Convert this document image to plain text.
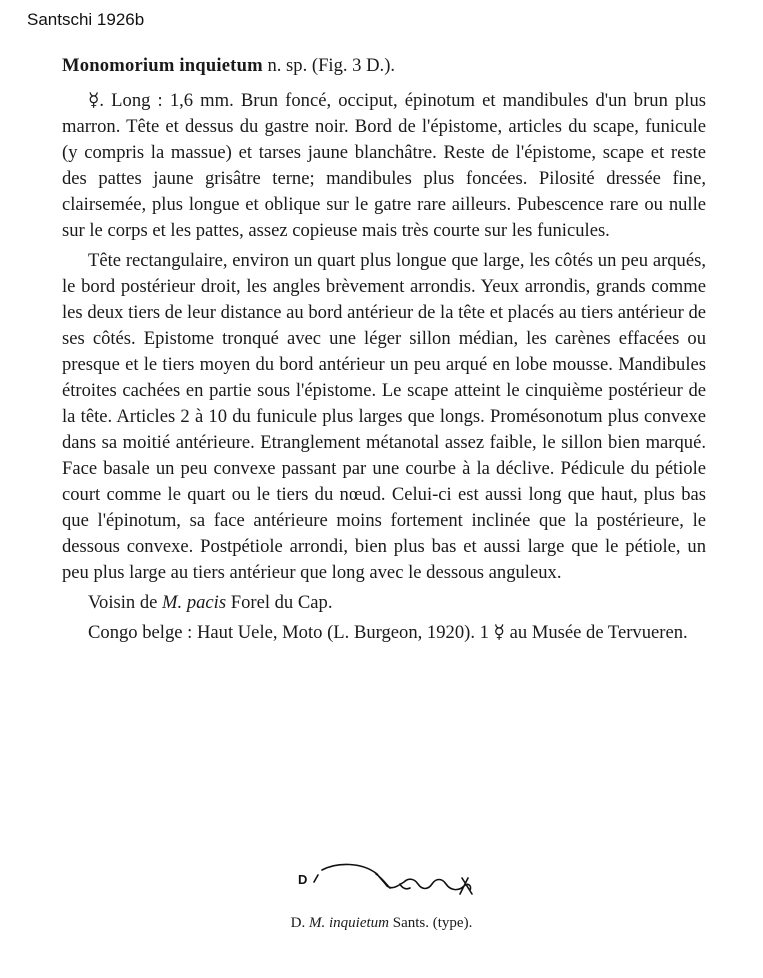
Santschi 1926b

Monomorium inquietum n. sp. (Fig. 3 D.).

☿. Long : 1,6 mm. Brun foncé, occiput, épinotum et mandibules d'un brun plus marron. Tête et dessus du gastre noir. Bord de l'épistome, articles du scape, funicule (y compris la massue) et tarses jaune blanchâtre. Reste de l'épistome, scape et reste des pattes jaune grisâtre terne; mandibules plus foncées. Pilosité dressée fine, clairsemée, plus longue et oblique sur le gatre rare ailleurs. Pubescence rare ou nulle sur le corps et les pattes, assez copieuse mais très courte sur les funicules.

Tête rectangulaire, environ un quart plus longue que large, les côtés un peu arqués, le bord postérieur droit, les angles brèvement arrondis. Yeux arrondis, grands comme les deux tiers de leur distance au bord antérieur de la tête et placés au tiers antérieur de ses côtés. Epistome tronqué avec une léger sillon médian, les carènes effacées ou presque et le tiers moyen du bord antérieur un peu arqué en lobe mousse. Mandibules étroites cachées en partie sous l'épistome. Le scape atteint le cinquième postérieur de la tête. Articles 2 à 10 du funicule plus larges que longs. Promésonotum plus convexe dans sa moitié antérieure. Etranglement métanotal assez faible, le sillon bien marqué. Face basale un peu convexe passant par une courbe à la déclive. Pédicule du pétiole court comme le quart ou le tiers du nœud. Celui-ci est aussi long que haut, plus bas que l'épinotum, sa face antérieure moins fortement inclinée que la postérieure, le dessous convexe. Postpétiole arrondi, bien plus bas et aussi large que le pétiole, un peu plus large au tiers antérieur que long avec le dessous anguleux.

Voisin de M. pacis Forel du Cap.

Congo belge : Haut Uele, Moto (L. Burgeon, 1920). 1 ☿ au Musée de Tervueren.

D
D. M. inquietum Sants. (type).
